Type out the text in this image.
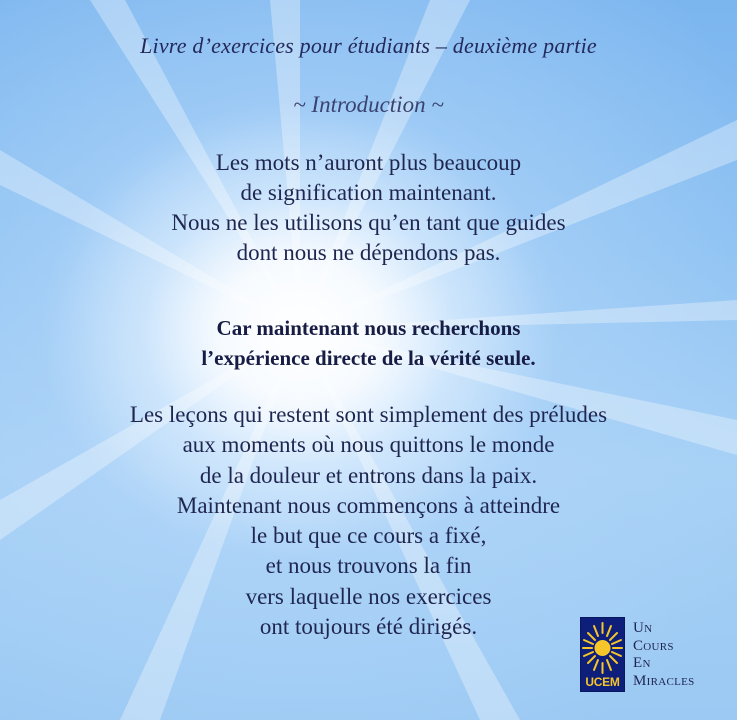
Livre d’exercices pour étudiants – deuxième partie
~ Introduction ~
Les mots n’auront plus beaucoup
de signification maintenant.
Nous ne les utilisons qu’en tant que guides
dont nous ne dépendons pas.
Car maintenant nous recherchons
l’expérience directe de la vérité seule.
Les leçons qui restent sont simplement des préludes
aux moments où nous quittons le monde
de la douleur et entrons dans la paix.
Maintenant nous commençons à atteindre
le but que ce cours a fixé,
et nous trouvons la fin
vers laquelle nos exercices
ont toujours été dirigés.
UCEM
Un
Cours
En
Miracles
